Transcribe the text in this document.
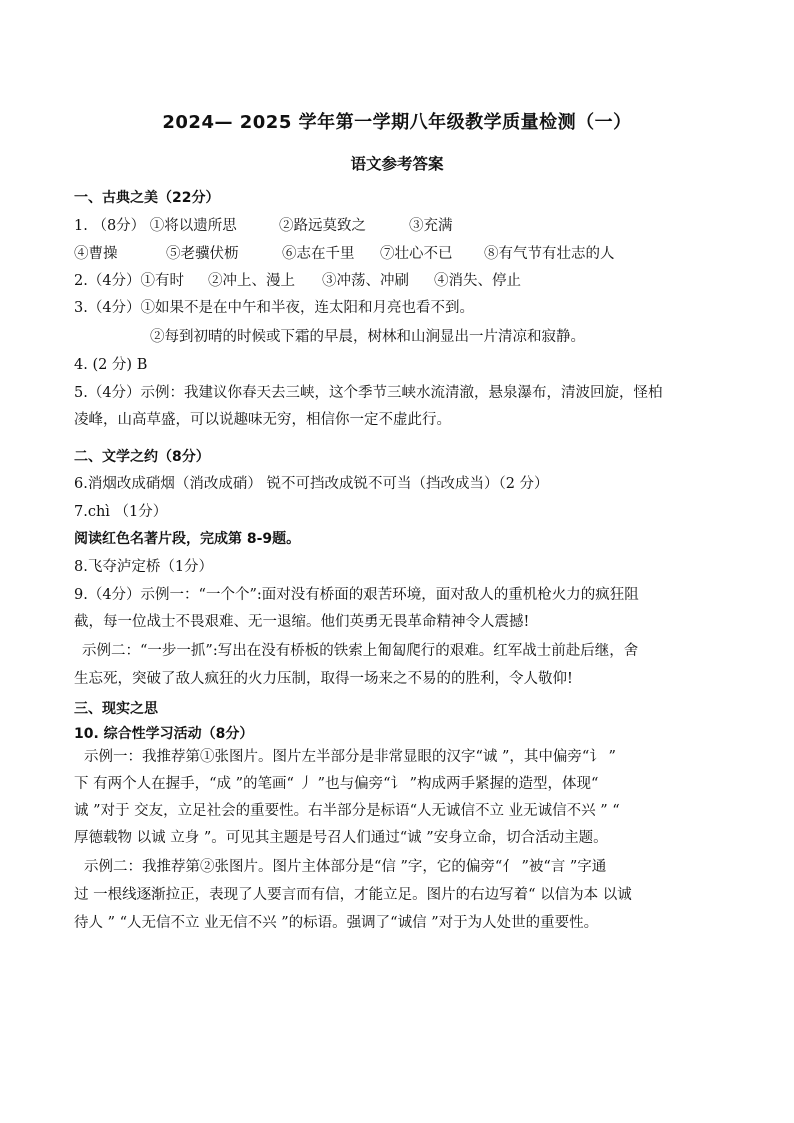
2024— 2025 学年第一学期八年级教学质量检测（一）
语文参考答案
一、古典之美（22分）
1. （8分） ①将以遗所思	②路远莫致之	③充满
④曹操	⑤老骥伏枥	⑥志在千里 ⑦壮心不已 ⑧有气节有壮志的人
2.（4分）①有时 ②冲上、漫上 ③冲荡、冲刷 ④消失、停止
3.（4分）①如果不是在中午和半夜，连太阳和月亮也看不到。
②每到初晴的时候或下霜的早晨，树林和山涧显出一片清凉和寂静。
4. (2 分) B
5.（4分）示例：我建议你春天去三峡，这个季节三峡水流清澈，悬泉瀑布，清波回旋，怪柏
凌峰，山高草盛，可以说趣味无穷，相信你一定不虚此行。
二、文学之约（8分）
6.消烟改成硝烟（消改成硝） 锐不可挡改成锐不可当（挡改成当）（2 分）
7.chì （1分）
阅读红色名著片段，完成第 8-9题。
8.飞夺泸定桥（1分）
9.（4分）示例一：“一个个”:面对没有桥面的艰苦环境，面对敌人的重机枪火力的疯狂阻
截，每一位战士不畏艰难、无一退缩。他们英勇无畏革命精神令人震撼!
示例二：“一步一抓”:写出在没有桥板的铁索上匍匐爬行的艰难。红军战士前赴后继，舍
生忘死，突破了敌人疯狂的火力压制，取得一场来之不易的的胜利，令人敬仰!
三、现实之思
10. 综合性学习活动（8分）
示例一：我推荐第①张图片。图片左半部分是非常显眼的汉字“诚 ”，其中偏旁“讠 ”
下 有两个人在握手，“成 ”的笔画“ 丿 ”也与偏旁“讠 ”构成两手紧握的造型，体现“
诚 ”对于 交友，立足社会的重要性。右半部分是标语“人无诚信不立 业无诚信不兴 ” “
厚德载物 以诚 立身 ”。可见其主题是号召人们通过“诚 ”安身立命，切合活动主题。
示例二：我推荐第②张图片。图片主体部分是“信 ”字，它的偏旁“亻 ”被“言 ”字通
过 一根线逐渐拉正，表现了人要言而有信，才能立足。图片的右边写着“ 以信为本 以诚
待人 ” “人无信不立 业无信不兴 ”的标语。强调了“诚信 ”对于为人处世的重要性。
